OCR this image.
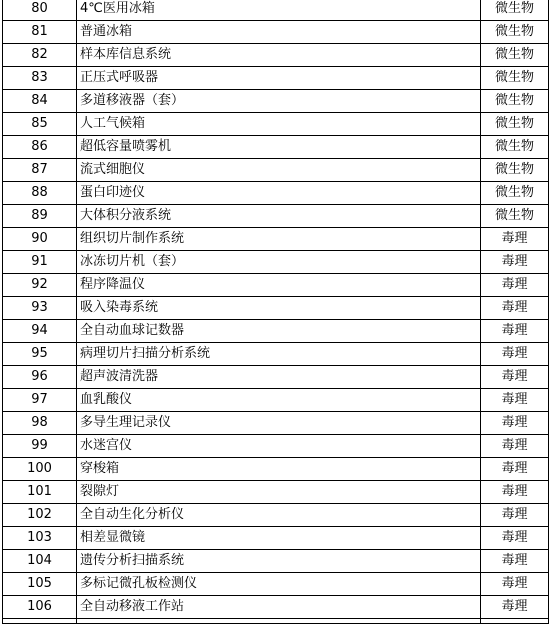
80	4℃医用冰箱	微生物
81	普通冰箱	微生物
82	样本库信息系统	微生物
83	正压式呼吸器	微生物
84	多道移液器（套）	微生物
85	人工气候箱	微生物
86	超低容量喷雾机	微生物
87	流式细胞仪	微生物
88	蛋白印迹仪	微生物
89	大体积分液系统	微生物
90	组织切片制作系统	毒理
91	冰冻切片机（套）	毒理
92	程序降温仪	毒理
93	吸入染毒系统	毒理
94	全自动血球记数器	毒理
95	病理切片扫描分析系统	毒理
96	超声波清洗器	毒理
97	血乳酸仪	毒理
98	多导生理记录仪	毒理
99	水迷宫仪	毒理
100	穿梭箱	毒理
101	裂隙灯	毒理
102	全自动生化分析仪	毒理
103	相差显微镜	毒理
104	遗传分析扫描系统	毒理
105	多标记微孔板检测仪	毒理
106	全自动移液工作站	毒理
